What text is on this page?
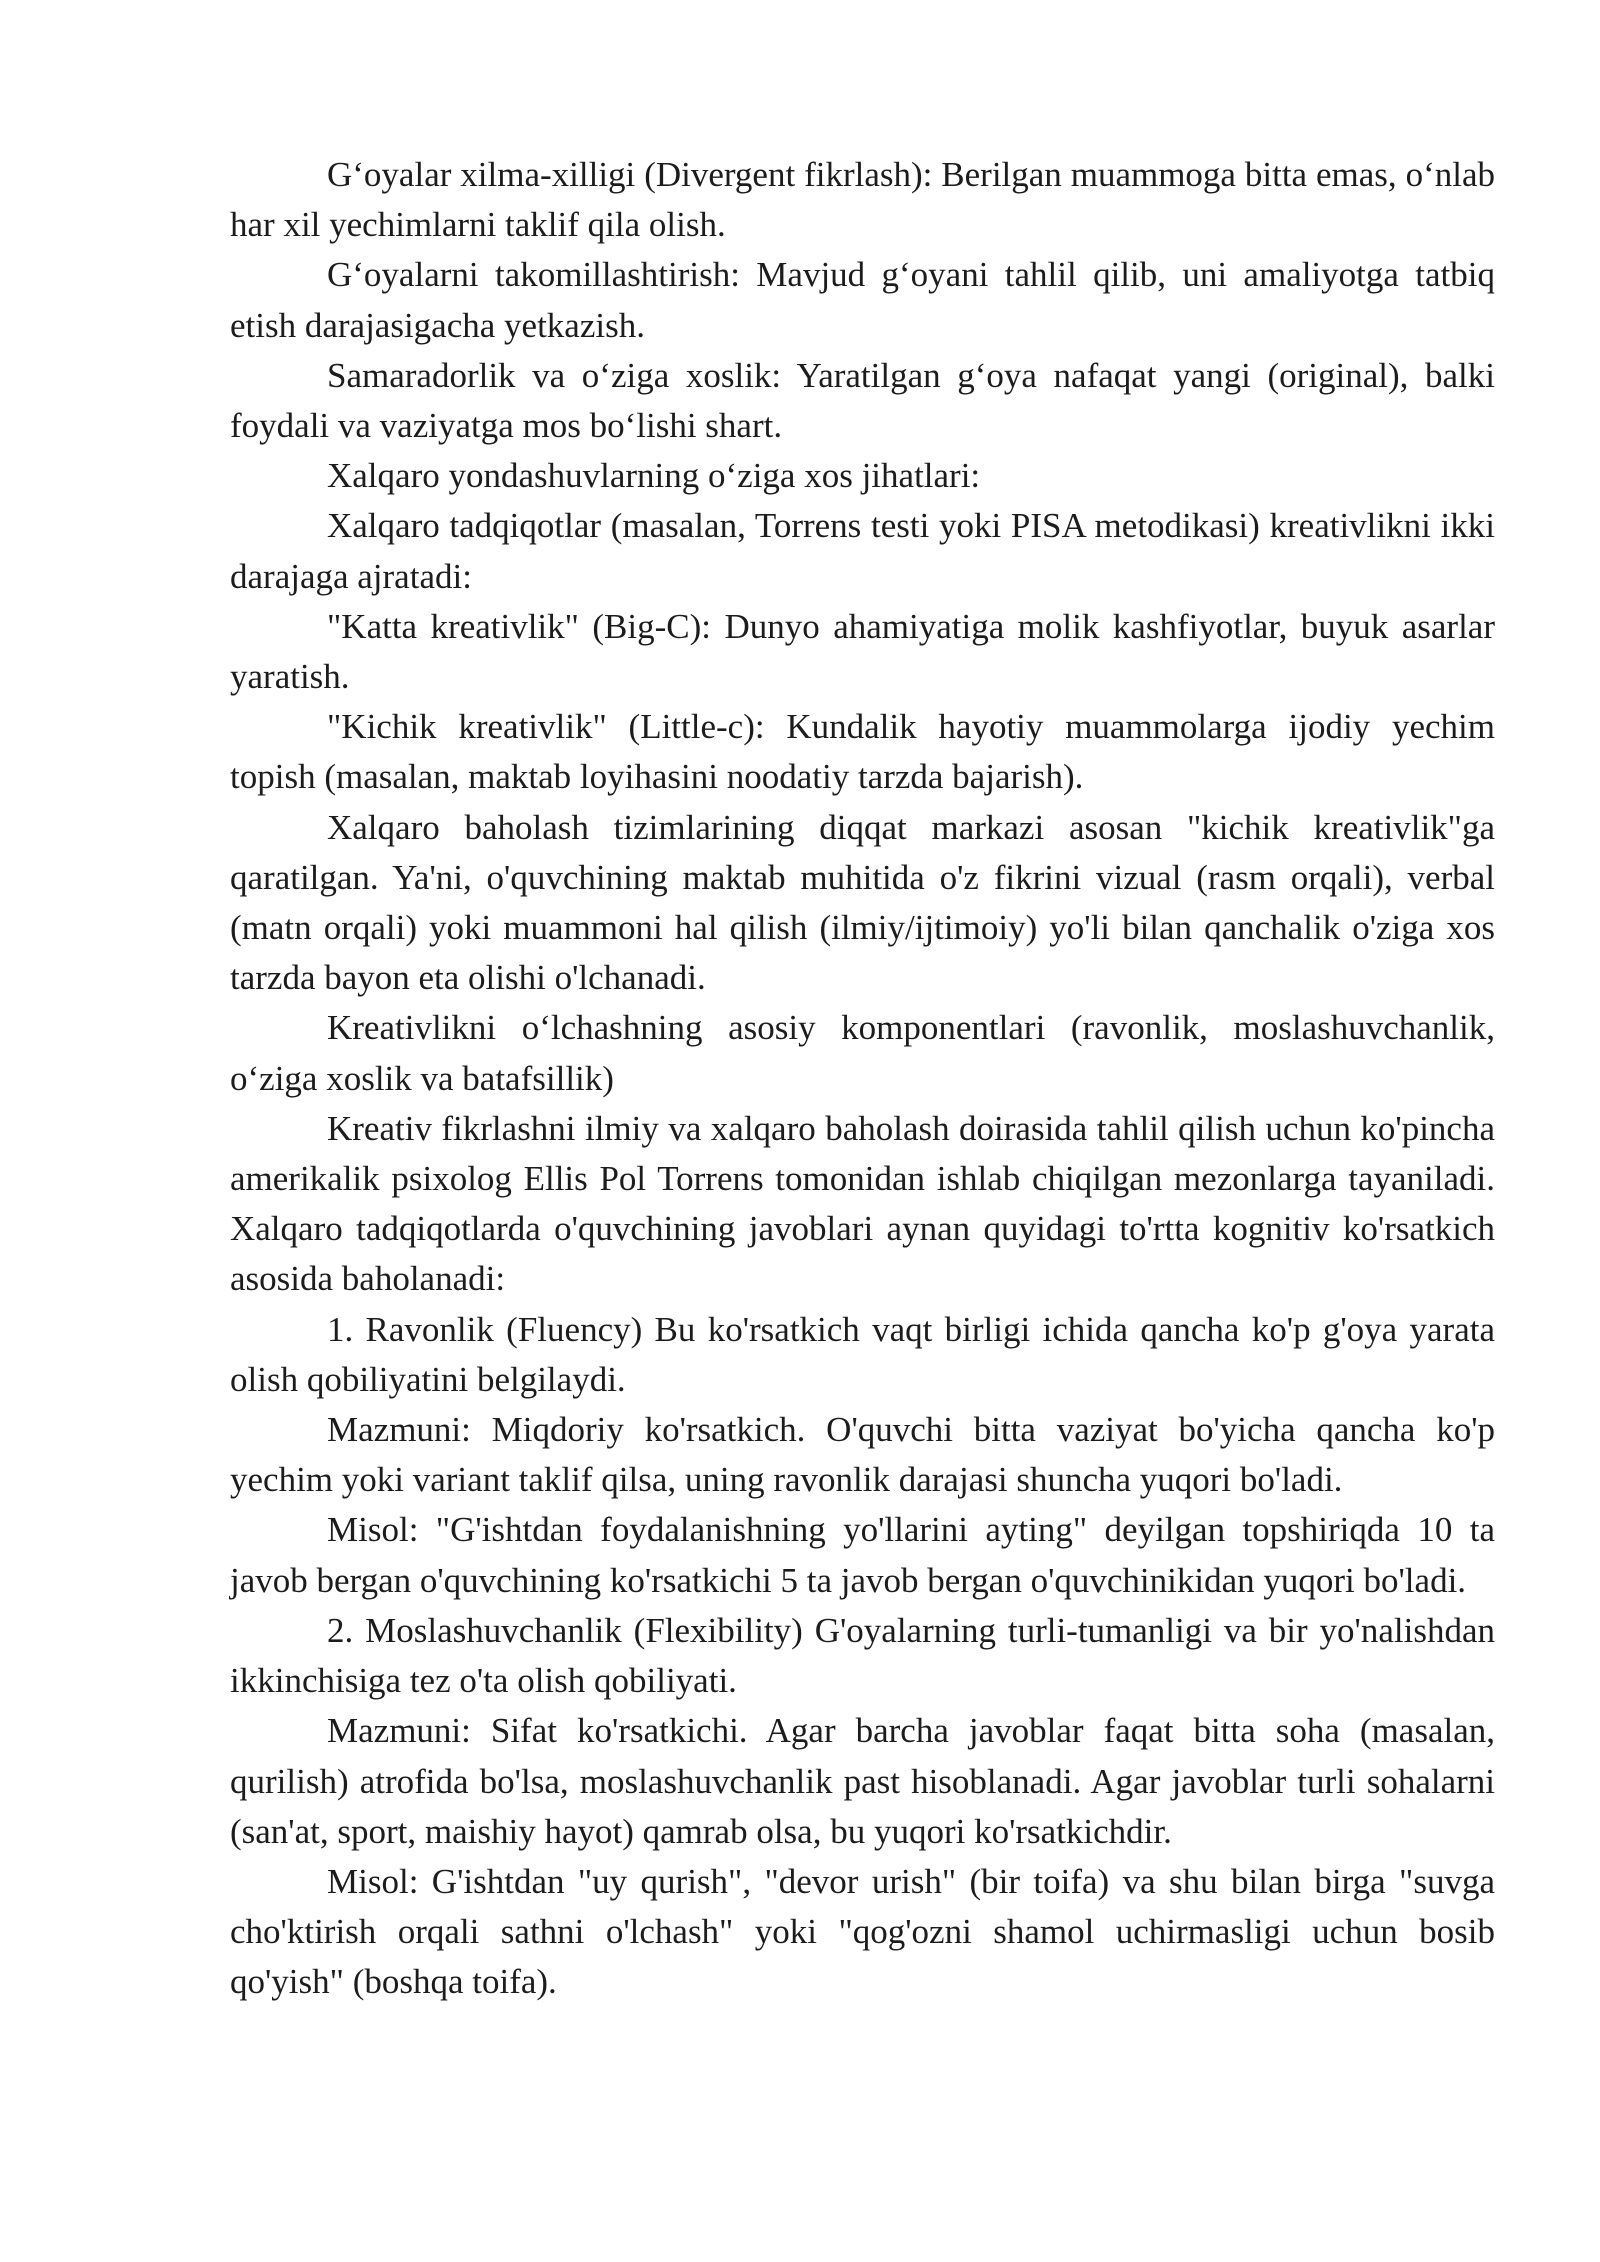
G‘oyalar xilma-xilligi (Divergent fikrlash): Berilgan muammoga bitta emas, o‘nlab har xil yechimlarni taklif qila olish.

G‘oyalarni takomillashtirish: Mavjud g‘oyani tahlil qilib, uni amaliyotga tatbiq etish darajasigacha yetkazish.

Samaradorlik va o‘ziga xoslik: Yaratilgan g‘oya nafaqat yangi (original), balki foydali va vaziyatga mos bo‘lishi shart.

Xalqaro yondashuvlarning o‘ziga xos jihatlari:

Xalqaro tadqiqotlar (masalan, Torrens testi yoki PISA metodikasi) kreativlikni ikki darajaga ajratadi:

"Katta kreativlik" (Big-C): Dunyo ahamiyatiga molik kashfiyotlar, buyuk asarlar yaratish.

"Kichik kreativlik" (Little-c): Kundalik hayotiy muammolarga ijodiy yechim topish (masalan, maktab loyihasini noodatiy tarzda bajarish).

Xalqaro baholash tizimlarining diqqat markazi asosan "kichik kreativlik"ga qaratilgan. Ya'ni, o'quvchining maktab muhitida o'z fikrini vizual (rasm orqali), verbal (matn orqali) yoki muammoni hal qilish (ilmiy/ijtimoiy) yo'li bilan qanchalik o'ziga xos tarzda bayon eta olishi o'lchanadi.

Kreativlikni o‘lchashning asosiy komponentlari (ravonlik, moslashuvchanlik, o‘ziga xoslik va batafsillik)

Kreativ fikrlashni ilmiy va xalqaro baholash doirasida tahlil qilish uchun ko'pincha amerikalik psixolog Ellis Pol Torrens tomonidan ishlab chiqilgan mezonlarga tayaniladi. Xalqaro tadqiqotlarda o'quvchining javoblari aynan quyidagi to'rtta kognitiv ko'rsatkich asosida baholanadi:

1. Ravonlik (Fluency) Bu ko'rsatkich vaqt birligi ichida qancha ko'p g'oya yarata olish qobiliyatini belgilaydi.

Mazmuni: Miqdoriy ko'rsatkich. O'quvchi bitta vaziyat bo'yicha qancha ko'p yechim yoki variant taklif qilsa, uning ravonlik darajasi shuncha yuqori bo'ladi.

Misol: "G'ishtdan foydalanishning yo'llarini ayting" deyilgan topshiriqda 10 ta javob bergan o'quvchining ko'rsatkichi 5 ta javob bergan o'quvchinikidan yuqori bo'ladi.

2. Moslashuvchanlik (Flexibility) G'oyalarning turli-tumanligi va bir yo'nalishdan ikkinchisiga tez o'ta olish qobiliyati.

Mazmuni: Sifat ko'rsatkichi. Agar barcha javoblar faqat bitta soha (masalan, qurilish) atrofida bo'lsa, moslashuvchanlik past hisoblanadi. Agar javoblar turli sohalarni (san'at, sport, maishiy hayot) qamrab olsa, bu yuqori ko'rsatkichdir.

Misol: G'ishtdan "uy qurish", "devor urish" (bir toifa) va shu bilan birga "suvga cho'ktirish orqali sathni o'lchash" yoki "qog'ozni shamol uchirmasligi uchun bosib qo'yish" (boshqa toifa).
